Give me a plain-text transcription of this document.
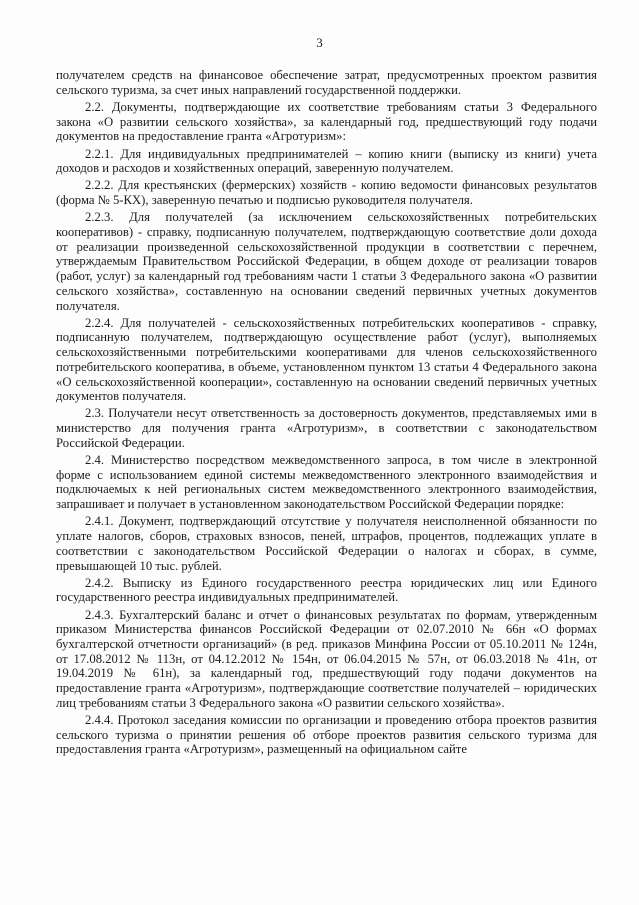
3

получателем средств на финансовое обеспечение затрат, предусмотренных проектом развития сельского туризма, за счет иных направлений государственной поддержки.

2.2. Документы, подтверждающие их соответствие требованиям статьи 3 Федерального закона «О развитии сельского хозяйства», за календарный год, предшествующий году подачи документов на предоставление гранта «Агротуризм»:

2.2.1. Для индивидуальных предпринимателей – копию книги (выписку из книги) учета доходов и расходов и хозяйственных операций, заверенную получателем.

2.2.2. Для крестьянских (фермерских) хозяйств - копию ведомости финансовых результатов (форма № 5-КХ), заверенную печатью и подписью руководителя получателя.

2.2.3. Для получателей (за исключением сельскохозяйственных потребительских кооперативов) - справку, подписанную получателем, подтверждающую соответствие доли дохода от реализации произведенной сельскохозяйственной продукции в соответствии с перечнем, утверждаемым Правительством Российской Федерации, в общем доходе от реализации товаров (работ, услуг) за календарный год требованиям части 1 статьи 3 Федерального закона «О развитии сельского хозяйства», составленную на основании сведений первичных учетных документов получателя.

2.2.4. Для получателей - сельскохозяйственных потребительских кооперативов - справку, подписанную получателем, подтверждающую осуществление работ (услуг), выполняемых сельскохозяйственными потребительскими кооперативами для членов сельскохозяйственного потребительского кооператива, в объеме, установленном пунктом 13 статьи 4 Федерального закона «О сельскохозяйственной кооперации», составленную на основании сведений первичных учетных документов получателя.

2.3. Получатели несут ответственность за достоверность документов, представляемых ими в министерство для получения гранта «Агротуризм», в соответствии с законодательством Российской Федерации.

2.4. Министерство посредством межведомственного запроса, в том числе в электронной форме с использованием единой системы межведомственного электронного взаимодействия и подключаемых к ней региональных систем межведомственного электронного взаимодействия, запрашивает и получает в установленном законодательством Российской Федерации порядке:

2.4.1. Документ, подтверждающий отсутствие у получателя неисполненной обязанности по уплате налогов, сборов, страховых взносов, пеней, штрафов, процентов, подлежащих уплате в соответствии с законодательством Российской Федерации о налогах и сборах, в сумме, превышающей 10 тыс. рублей.

2.4.2. Выписку из Единого государственного реестра юридических лиц или Единого государственного реестра индивидуальных предпринимателей.

2.4.3. Бухгалтерский баланс и отчет о финансовых результатах по формам, утвержденным приказом Министерства финансов Российской Федерации от 02.07.2010 № 66н «О формах бухгалтерской отчетности организаций» (в ред. приказов Минфина России от 05.10.2011 № 124н, от 17.08.2012 № 113н, от 04.12.2012 № 154н, от 06.04.2015 № 57н, от 06.03.2018 № 41н, от 19.04.2019 № 61н), за календарный год, предшествующий году подачи документов на предоставление гранта «Агротуризм», подтверждающие соответствие получателей – юридических лиц требованиям статьи 3 Федерального закона «О развитии сельского хозяйства».

2.4.4. Протокол заседания комиссии по организации и проведению отбора проектов развития сельского туризма о принятии решения об отборе проектов развития сельского туризма для предоставления гранта «Агротуризм», размещенный на официальном сайте
